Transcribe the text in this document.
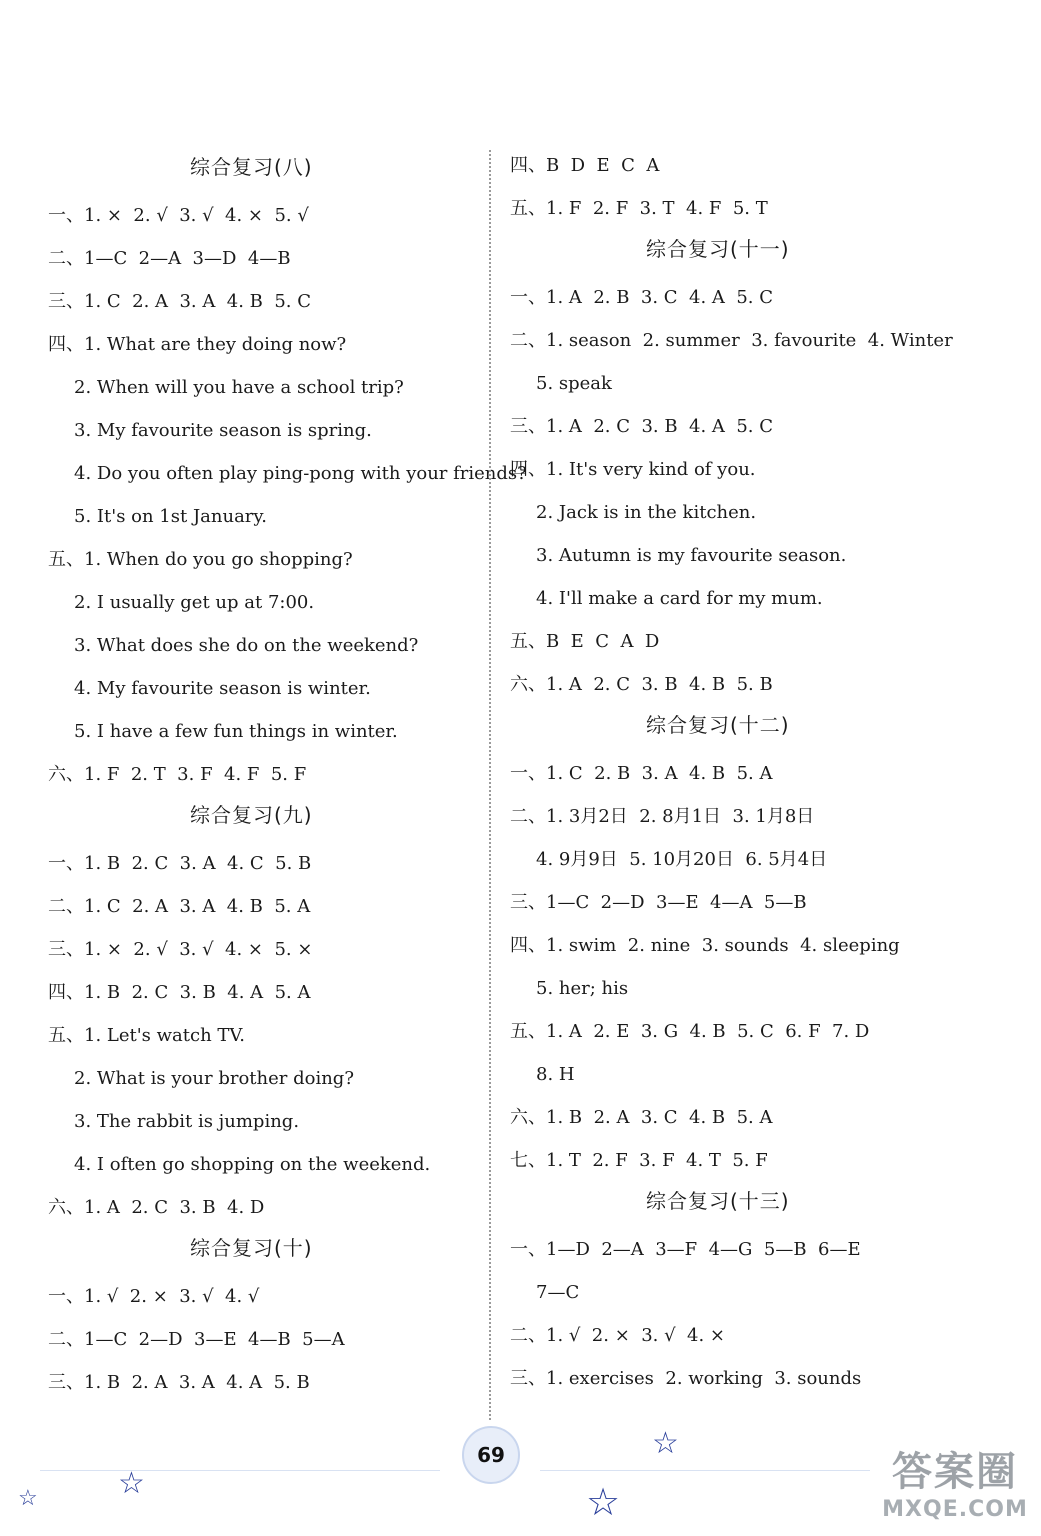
综合复习(八)
一、1. ×  2. √  3. √  4. ×  5. √
二、1—C  2—A  3—D  4—B
三、1. C  2. A  3. A  4. B  5. C
四、1. What are they doing now?
2. When will you have a school trip?
3. My favourite season is spring.
4. Do you often play ping-pong with your friends?
5. It's on 1st January.
五、1. When do you go shopping?
2. I usually get up at 7:00.
3. What does she do on the weekend?
4. My favourite season is winter.
5. I have a few fun things in winter.
六、1. F  2. T  3. F  4. F  5. F
综合复习(九)
一、1. B  2. C  3. A  4. C  5. B
二、1. C  2. A  3. A  4. B  5. A
三、1. ×  2. √  3. √  4. ×  5. ×
四、1. B  2. C  3. B  4. A  5. A
五、1. Let's watch TV.
2. What is your brother doing?
3. The rabbit is jumping.
4. I often go shopping on the weekend.
六、1. A  2. C  3. B  4. D
综合复习(十)
一、1. √  2. ×  3. √  4. √
二、1—C  2—D  3—E  4—B  5—A
三、1. B  2. A  3. A  4. A  5. B
四、B  D  E  C  A
五、1. F  2. F  3. T  4. F  5. T
综合复习(十一)
一、1. A  2. B  3. C  4. A  5. C
二、1. season  2. summer  3. favourite  4. Winter
5. speak
三、1. A  2. C  3. B  4. A  5. C
四、1. It's very kind of you.
2. Jack is in the kitchen.
3. Autumn is my favourite season.
4. I'll make a card for my mum.
五、B  E  C  A  D
六、1. A  2. C  3. B  4. B  5. B
综合复习(十二)
一、1. C  2. B  3. A  4. B  5. A
二、1. 3月2日  2. 8月1日  3. 1月8日
4. 9月9日  5. 10月20日  6. 5月4日
三、1—C  2—D  3—E  4—A  5—B
四、1. swim  2. nine  3. sounds  4. sleeping
5. her; his
五、1. A  2. E  3. G  4. B  5. C  6. F  7. D
8. H
六、1. B  2. A  3. C  4. B  5. A
七、1. T  2. F  3. F  4. T  5. F
综合复习(十三)
一、1—D  2—A  3—F  4—G  5—B  6—E
7—C
二、1. √  2. ×  3. √  4. ×
三、1. exercises  2. working  3. sounds
69
☆	☆
☆
☆
答案圈
MXQE.COM
